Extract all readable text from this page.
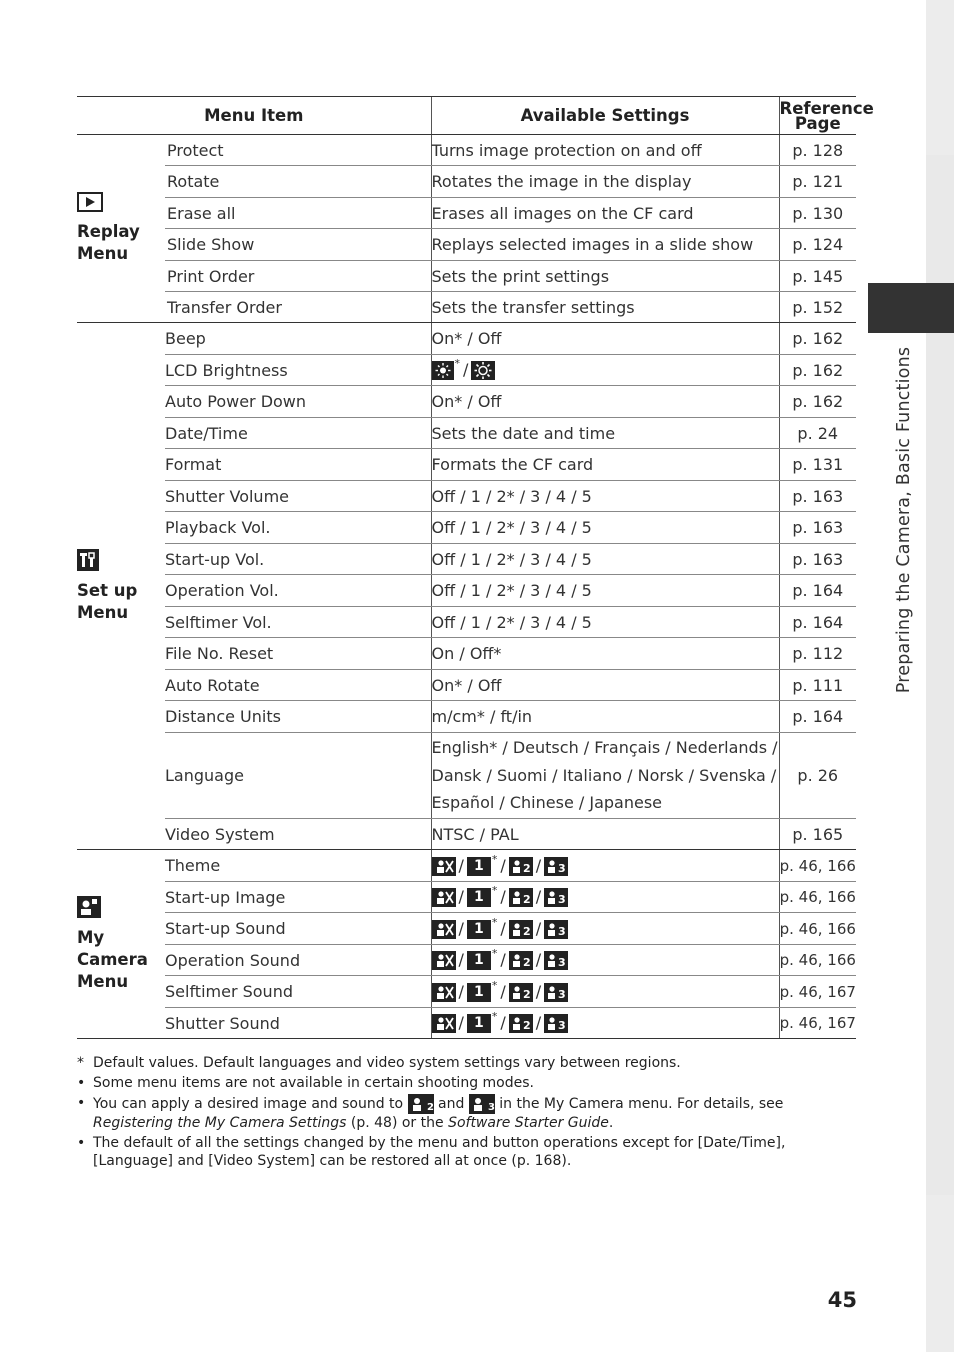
Preparing the Camera, Basic Functions
Menu Item		Available Settings	Reference Page

Replay Menu	Protect	Turns image protection on and off	p. 128
	Rotate	Rotates the image in the display	p. 121
	Erase all	Erases all images on the CF card	p. 130
	Slide Show	Replays selected images in a slide show	p. 124
	Print Order	Sets the print settings	p. 145
	Transfer Order	Sets the transfer settings	p. 152

Set up Menu	Beep	On* / Off	p. 162
	LCD Brightness	* /	p. 162
	Auto Power Down	On* / Off	p. 162
	Date/Time	Sets the date and time	p. 24
	Format	Formats the CF card	p. 131
	Shutter Volume	Off / 1 / 2* / 3 / 4 / 5	p. 163
	Playback Vol.	Off / 1 / 2* / 3 / 4 / 5	p. 163
	Start-up Vol.	Off / 1 / 2* / 3 / 4 / 5	p. 163
	Operation Vol.	Off / 1 / 2* / 3 / 4 / 5	p. 164
	Selftimer Vol.	Off / 1 / 2* / 3 / 4 / 5	p. 164
	File No. Reset	On / Off*	p. 112
	Auto Rotate	On* / Off	p. 111
	Distance Units	m/cm* / ft/in	p. 164
	Language	English* / Deutsch / Français / Nederlands /
Dansk / Suomi / Italiano / Norsk / Svenska /
Español / Chinese / Japanese	p. 26
	Video System	NTSC / PAL	p. 165

My Camera Menu	Theme	/ 1 * / 2 / 3	p. 46, 166
	Start-up Image	/ 1 * / 2 / 3	p. 46, 166
	Start-up Sound	/ 1 * / 2 / 3	p. 46, 166
	Operation Sound	/ 1 * / 2 / 3	p. 46, 166
	Selftimer Sound	/ 1 * / 2 / 3	p. 46, 167
	Shutter Sound	/ 1 * / 2 / 3	p. 46, 167
* Default values. Default languages and video system settings vary between regions.
• Some menu items are not available in certain shooting modes.
• You can apply a desired image and sound to 2 and 3 in the My Camera menu. For details, see Registering the My Camera Settings (p. 48) or the Software Starter Guide.
• The default of all the settings changed by the menu and button operations except for [Date/Time], [Language] and [Video System] can be restored all at once (p. 168).
45
